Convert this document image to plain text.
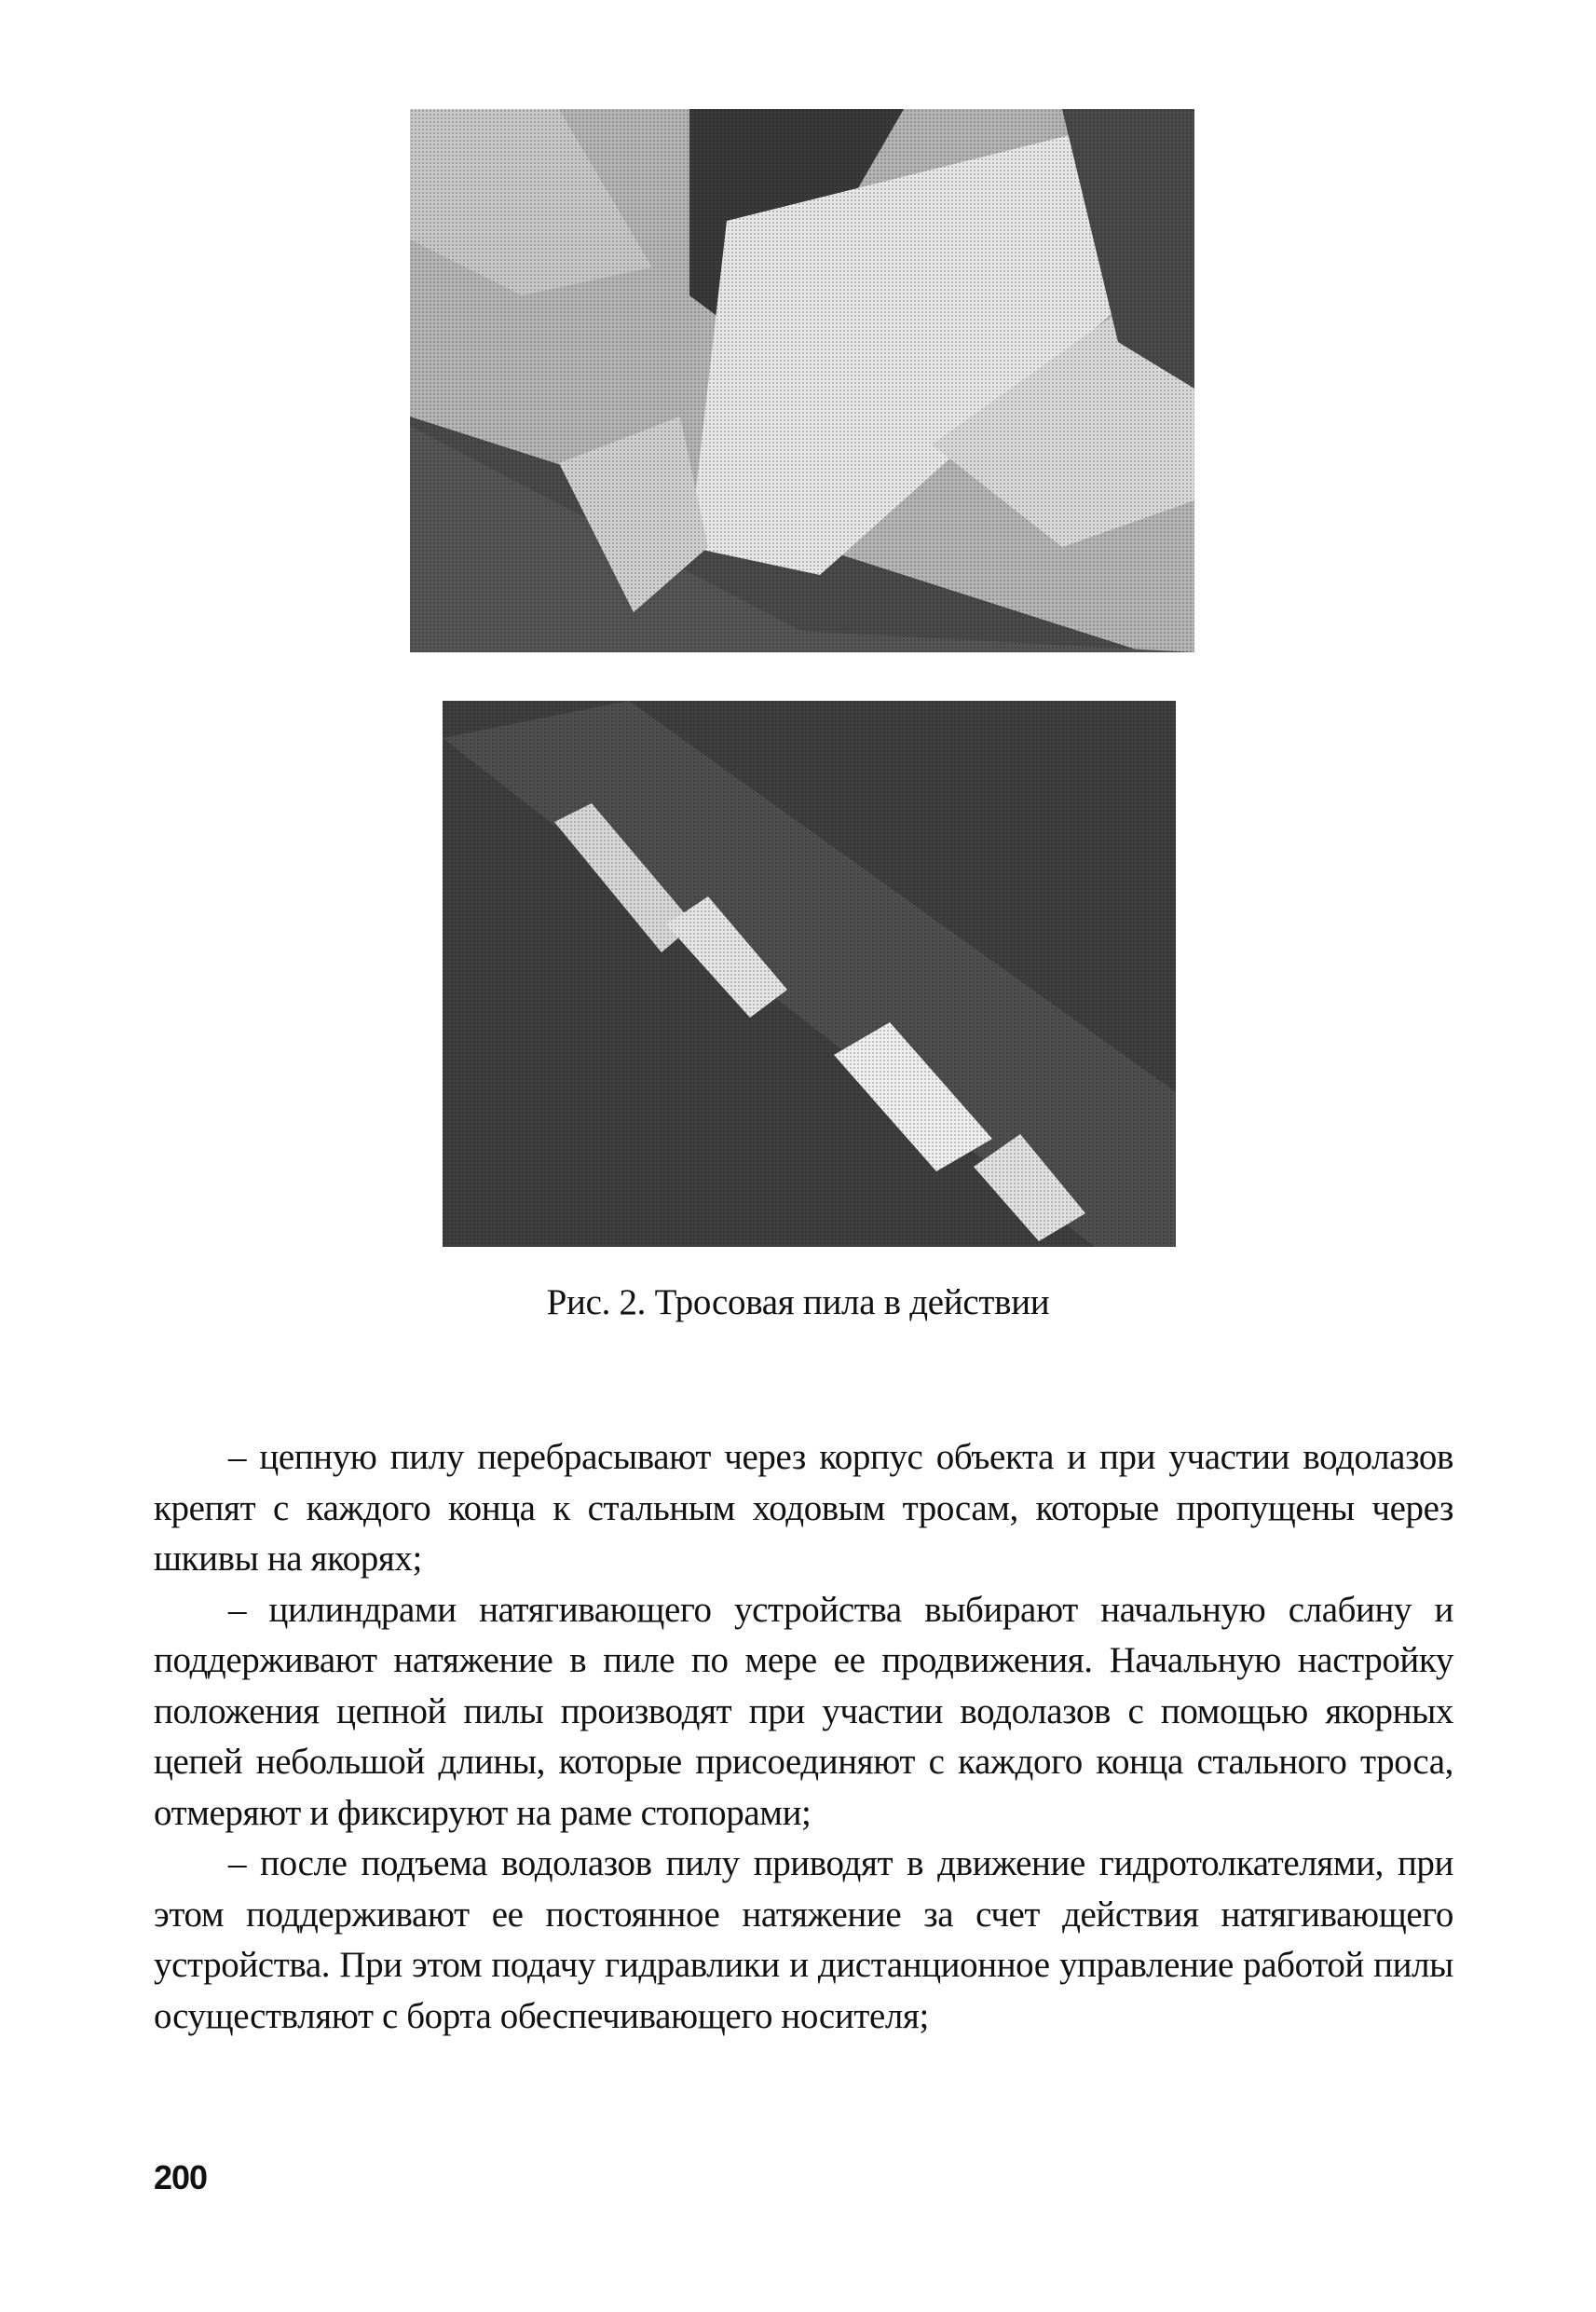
Рис. 2. Тросовая пила в действии

– цепную пилу перебрасывают через корпус объекта и при участии водолазов крепят с каждого конца к стальным ходовым тросам, которые пропущены через шкивы на якорях;

– цилиндрами натягивающего устройства выбирают начальную слабину и поддерживают натяжение в пиле по мере ее продвижения. Начальную настройку положения цепной пилы производят при участии водолазов с помощью якорных цепей небольшой длины, которые присоединяют с каждого конца стального троса, отмеряют и фиксируют на раме стопорами;

– после подъема водолазов пилу приводят в движение гидротолкателями, при этом поддерживают ее постоянное натяжение за счет действия натягивающего устройства. При этом подачу гидравлики и дистанционное управление работой пилы осуществляют с борта обеспечивающего носителя;

200
